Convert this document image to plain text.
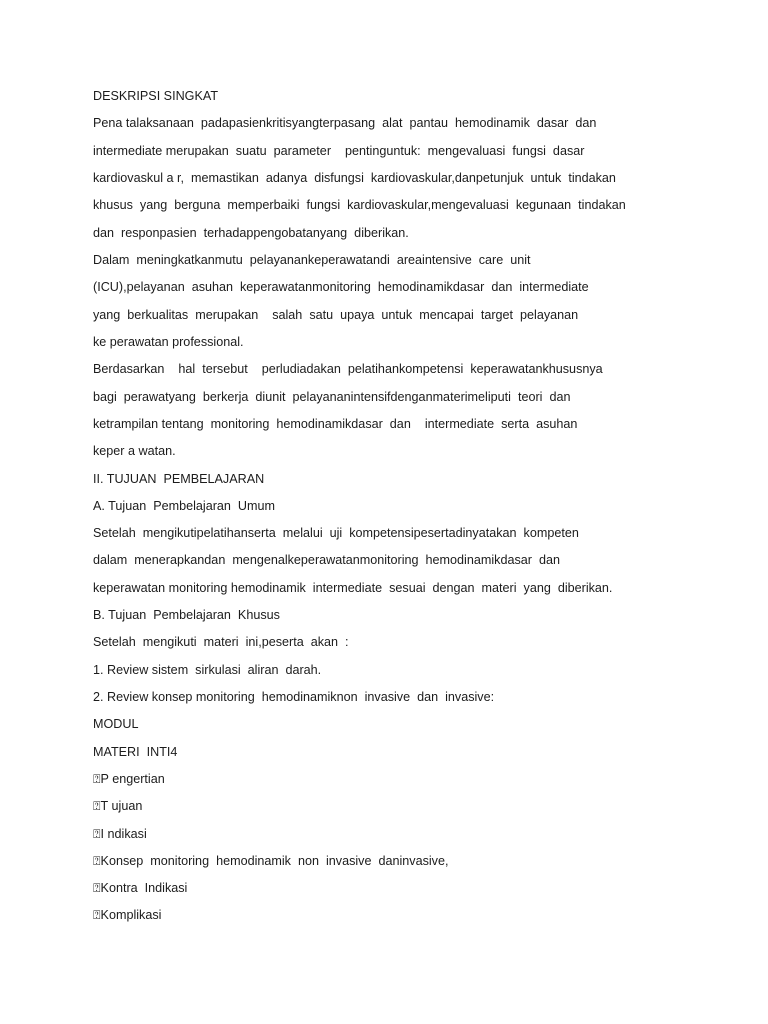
DESKRIPSI SINGKAT
Pena talaksanaan  padapasienkritisyangterpasang  alat  pantau  hemodinamik  dasar  dan
intermediate merupakan  suatu  parameter    pentinguntuk:  mengevaluasi  fungsi  dasar
kardiovaskul a r,  memastikan  adanya  disfungsi  kardiovaskular,danpetunjuk  untuk  tindakan
khusus  yang  berguna  memperbaiki  fungsi  kardiovaskular,mengevaluasi  kegunaan  tindakan
dan  responpasien  terhadappengobatanyang  diberikan.
Dalam  meningkatkanmutu  pelayanankeperawatandi  areaintensive  care  unit
(ICU),pelayanan  asuhan  keperawatanmonitoring  hemodinamikdasar  dan  intermediate
yang  berkualitas  merupakan    salah  satu  upaya  untuk  mencapai  target  pelayanan
ke perawatan professional.
Berdasarkan    hal  tersebut    perludiadakan  pelatihankompetensi  keperawatankhususnya
bagi  perawatyang  berkerja  diunit  pelayananintensifdenganmaterimeliputi  teori  dan
ketrampilan tentang  monitoring  hemodinamikdasar  dan    intermediate  serta  asuhan
keper a watan.
II. TUJUAN  PEMBELAJARAN
A. Tujuan  Pembelajaran  Umum
Setelah  mengikutipelatihanserta  melalui  uji  kompetensipesertadinyatakan  kompeten
dalam  menerapkandan  mengenalkeperawatanmonitoring  hemodinamikdasar  dan
keperawatan monitoring hemodinamik  intermediate  sesuai  dengan  materi  yang  diberikan.
B. Tujuan  Pembelajaran  Khusus
Setelah  mengikuti  materi  ini,peserta  akan  :
1. Review sistem  sirkulasi  aliran  darah.
2. Review konsep monitoring  hemodinamiknon  invasive  dan  invasive:
MODUL
MATERI  INTI4
⍰P engertian
⍰T ujuan
⍰I ndikasi
⍰Konsep  monitoring  hemodinamik  non  invasive  daninvasive,
⍰Kontra  Indikasi
⍰Komplikasi
